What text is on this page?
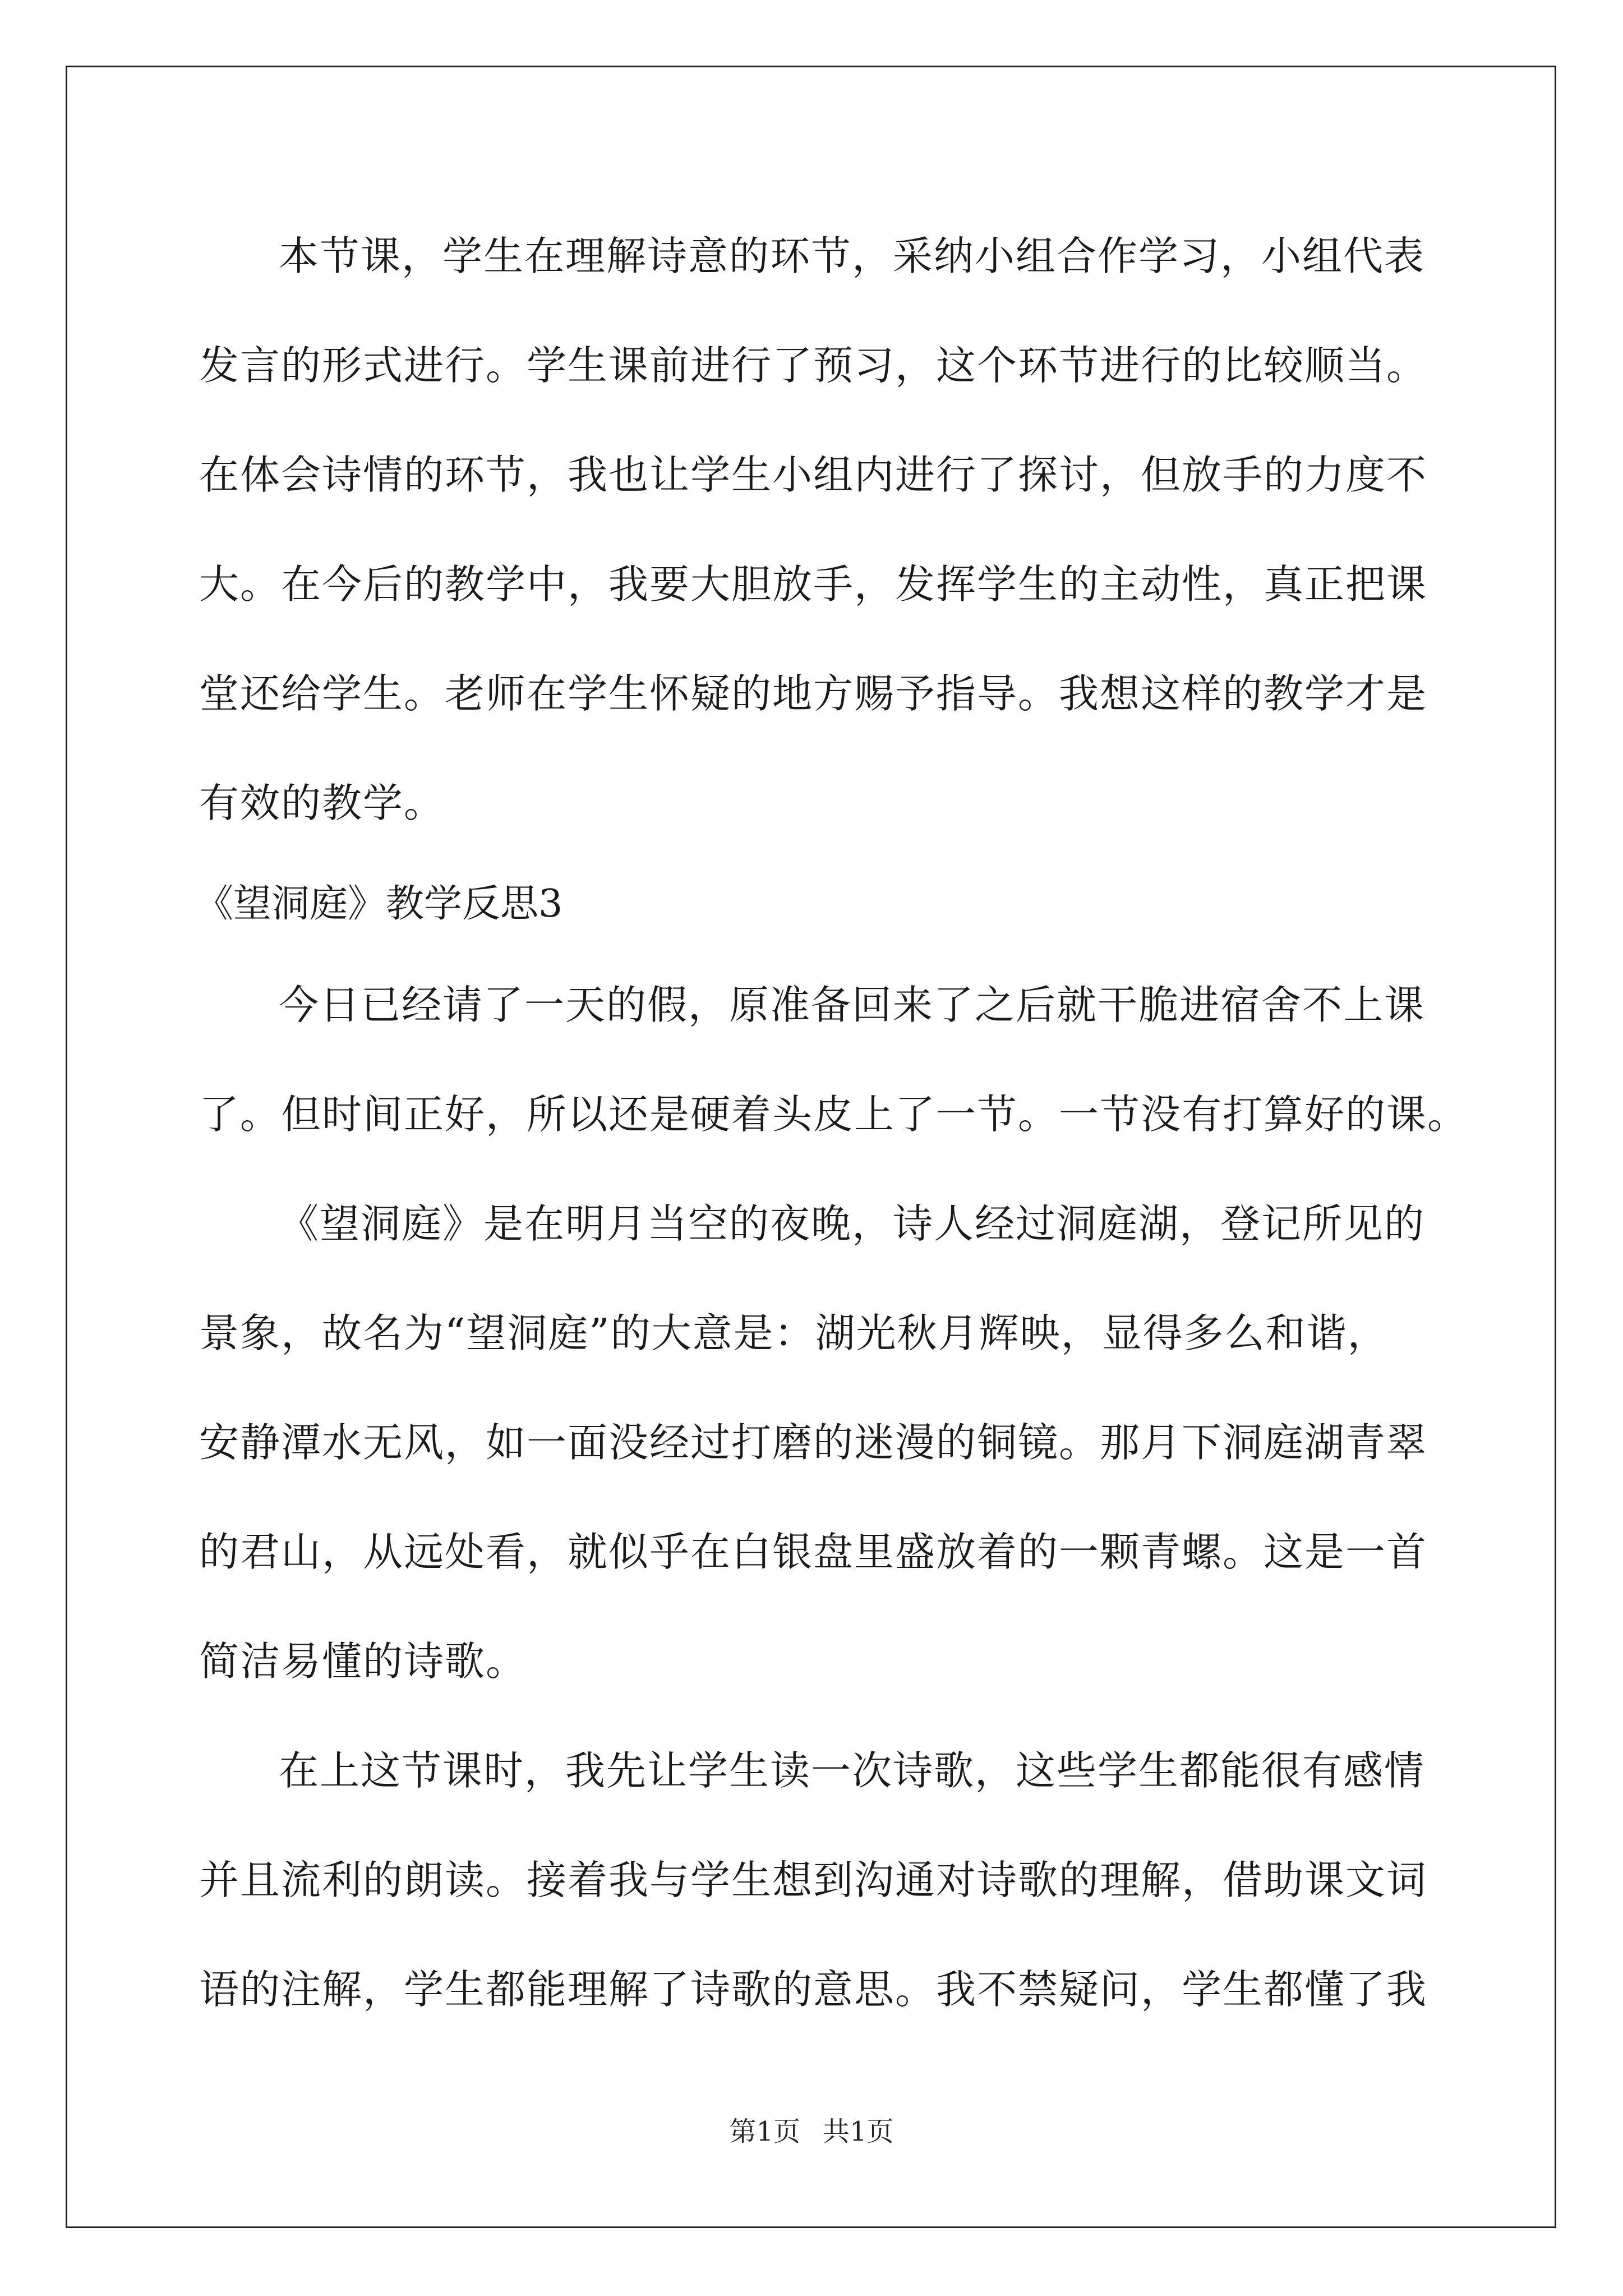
本节课，学生在理解诗意的环节，采纳小组合作学习，小组代表
发言的形式进行。学生课前进行了预习，这个环节进行的比较顺当。
在体会诗情的环节，我也让学生小组内进行了探讨，但放手的力度不
大。在今后的教学中，我要大胆放手，发挥学生的主动性，真正把课
堂还给学生。老师在学生怀疑的地方赐予指导。我想这样的教学才是
有效的教学。
《望洞庭》教学反思3
今日已经请了一天的假，原准备回来了之后就干脆进宿舍不上课
了。但时间正好，所以还是硬着头皮上了一节。一节没有打算好的课。
《望洞庭》是在明月当空的夜晚，诗人经过洞庭湖，登记所见的
景象，故名为“望洞庭”的大意是：湖光秋月辉映，显得多么和谐，
安静潭水无风，如一面没经过打磨的迷漫的铜镜。那月下洞庭湖青翠
的君山，从远处看，就似乎在白银盘里盛放着的一颗青螺。这是一首
简洁易懂的诗歌。
在上这节课时，我先让学生读一次诗歌，这些学生都能很有感情
并且流利的朗读。接着我与学生想到沟通对诗歌的理解，借助课文词
语的注解，学生都能理解了诗歌的意思。我不禁疑问，学生都懂了我
第1页 共1页
